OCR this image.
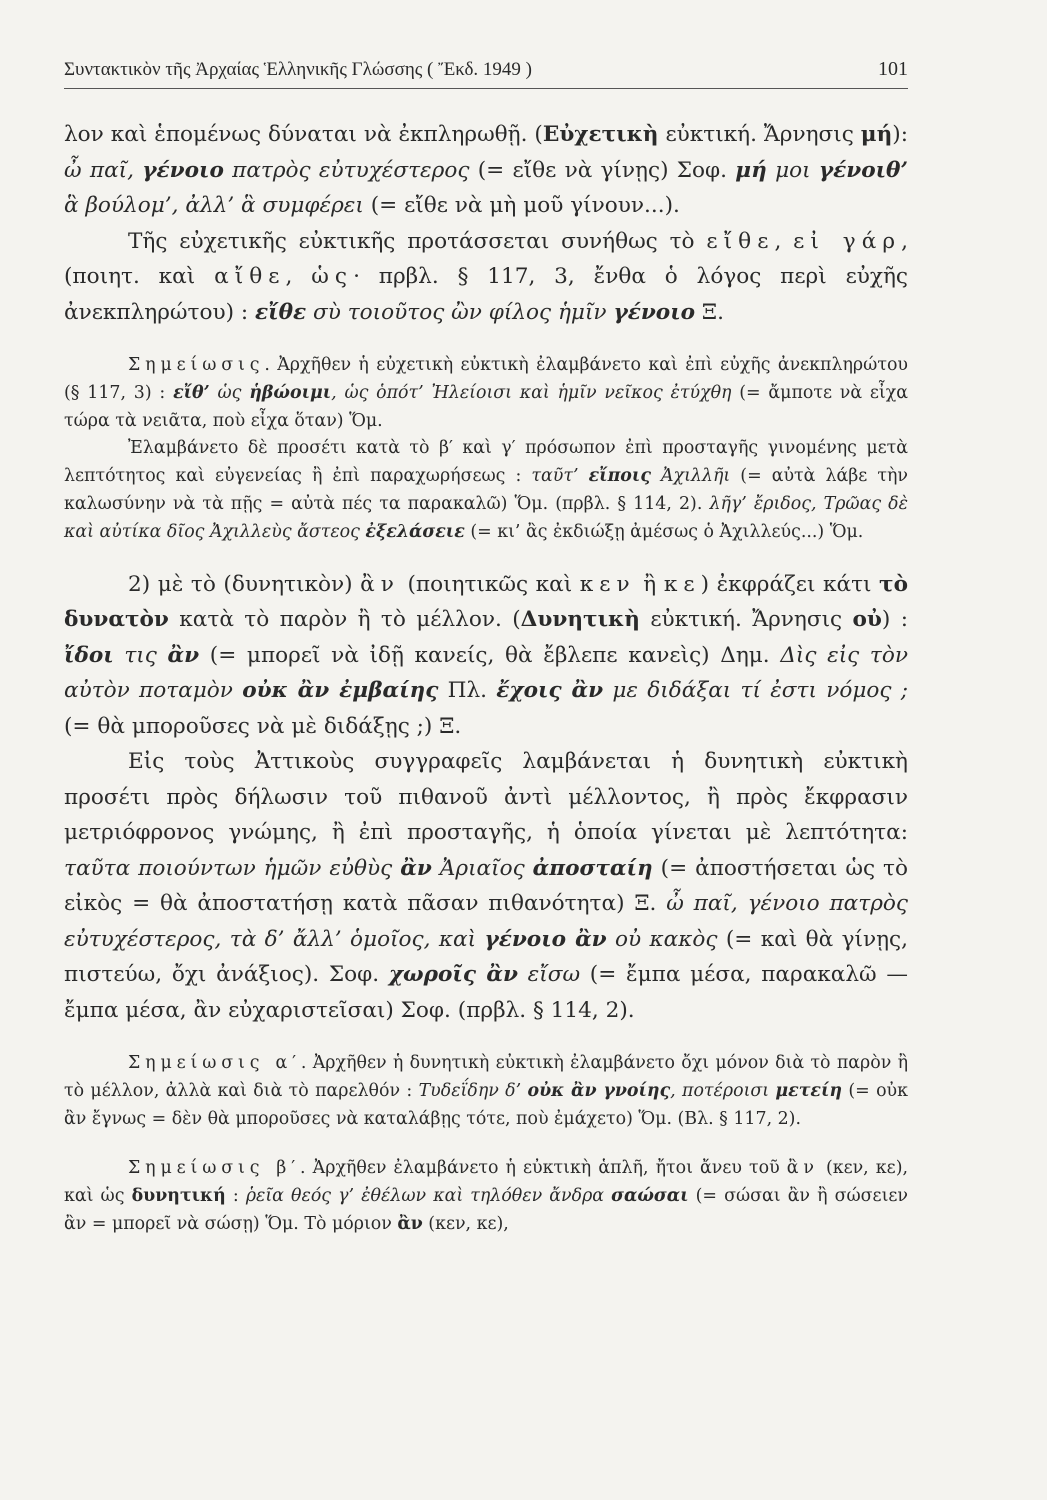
Συντακτικὸν τῆς Ἀρχαίας Ἑλληνικῆς Γλώσσης ( Ἔκδ. 1949 )	101

λον καὶ ἑπομένως δύναται νὰ ἐκπληρωθῇ. (Εὐχετικὴ εὐκτική. Ἄρνησις μή): ὦ παῖ, γένοιο πατρὸς εὐτυχέστερος (= εἴθε νὰ γίνῃς) Σοφ. μή μοι γένοιθ’ ἃ βούλομ’, ἀλλ’ ἃ συμφέρει (= εἴθε νὰ μὴ μοῦ γίνουν...).

Τῆς εὐχετικῆς εὐκτικῆς προτάσσεται συνήθως τὸ εἴθε, εἰ γάρ, (ποιητ. καὶ αἴθε, ὡς· πρβλ. § 117, 3, ἔνθα ὁ λόγος περὶ εὐχῆς ἀνεκπληρώτου) : εἴθε σὺ τοιοῦτος ὢν φίλος ἡμῖν γένοιο Ξ.

Σημείωσις. Ἀρχῆθεν ἡ εὐχετικὴ εὐκτικὴ ἐλαμβάνετο καὶ ἐπὶ εὐχῆς ἀνεκπληρώτου (§ 117, 3) : εἴθ’ ὡς ἡβώοιμι, ὡς ὁπότ’ Ἠλείοισι καὶ ἡμῖν νεῖκος ἐτύχθη (= ἄμποτε νὰ εἶχα τώρα τὰ νειᾶτα, ποὺ εἶχα ὅταν) Ὅμ.

Ἐλαμβάνετο δὲ προσέτι κατὰ τὸ β′ καὶ γ′ πρόσωπον ἐπὶ προσταγῆς γινομένης μετὰ λεπτότητος καὶ εὐγενείας ἢ ἐπὶ παραχωρήσεως : ταῦτ’ εἴποις Ἀχιλλῆι (= αὐτὰ λάβε τὴν καλωσύνην νὰ τὰ πῇς = αὐτὰ πές τα παρακαλῶ) Ὅμ. (πρβλ. § 114, 2). λῆγ’ ἔριδος, Τρῶας δὲ καὶ αὐτίκα δῖος Ἀχιλλεὺς ἄστεος ἐξελάσειε (= κι’ ἂς ἐκδιώξῃ ἀμέσως ὁ Ἀχιλλεύς...) Ὅμ.

2) μὲ τὸ (δυνητικὸν) ἂν (ποιητικῶς καὶ κεν ἢ κε) ἐκφράζει κάτι τὸ δυνατὸν κατὰ τὸ παρὸν ἢ τὸ μέλλον. (Δυνητικὴ εὐκτική. Ἄρνησις οὐ) : ἴδοι τις ἂν (= μπορεῖ νὰ ἰδῇ κανείς, θὰ ἔβλεπε κανεὶς) Δημ. Δὶς εἰς τὸν αὐτὸν ποταμὸν οὐκ ἂν ἐμβαίης Πλ. ἔχοις ἂν με διδάξαι τί ἐστι νόμος ; (= θὰ μποροῦσες νὰ μὲ διδάξῃς ;) Ξ.

Εἰς τοὺς Ἀττικοὺς συγγραφεῖς λαμβάνεται ἡ δυνητικὴ εὐκτικὴ προσέτι πρὸς δήλωσιν τοῦ πιθανοῦ ἀντὶ μέλλοντος, ἢ πρὸς ἔκφρασιν μετριόφρονος γνώμης, ἢ ἐπὶ προσταγῆς, ἡ ὁποία γίνεται μὲ λεπτότητα: ταῦτα ποιούντων ἡμῶν εὐθὺς ἂν Ἀριαῖος ἀποσταίη (= ἀποστήσεται ὡς τὸ εἰκὸς = θὰ ἀποστατήσῃ κατὰ πᾶσαν πιθανότητα) Ξ. ὦ παῖ, γένοιο πατρὸς εὐτυχέστερος, τὰ δ’ ἄλλ’ ὁμοῖος, καὶ γένοιο ἂν οὐ κακὸς (= καὶ θὰ γίνῃς, πιστεύω, ὄχι ἀνάξιος). Σοφ. χωροῖς ἂν εἴσω (= ἔμπα μέσα, παρακαλῶ — ἔμπα μέσα, ἂν εὐχαριστεῖσαι) Σοφ. (πρβλ. § 114, 2).

Σημείωσις α′. Ἀρχῆθεν ἡ δυνητικὴ εὐκτικὴ ἐλαμβάνετο ὄχι μόνον διὰ τὸ παρὸν ἢ τὸ μέλλον, ἀλλὰ καὶ διὰ τὸ παρελθόν : Τυδεΐδην δ’ οὐκ ἂν γνοίης, ποτέροισι μετείη (= οὐκ ἂν ἔγνως = δὲν θὰ μποροῦσες νὰ καταλάβῃς τότε, ποὺ ἐμάχετο) Ὅμ. (Βλ. § 117, 2).

Σημείωσις β′. Ἀρχῆθεν ἐλαμβάνετο ἡ εὐκτικὴ ἁπλῆ, ἤτοι ἄνευ τοῦ ἂν (κεν, κε), καὶ ὡς δυνητική : ῥεῖα θεός γ’ ἐθέλων καὶ τηλόθεν ἄνδρα σαώσαι (= σώσαι ἂν ἢ σώσειεν ἂν = μπορεῖ νὰ σώσῃ) Ὅμ. Τὸ μόριον ἂν (κεν, κε),
